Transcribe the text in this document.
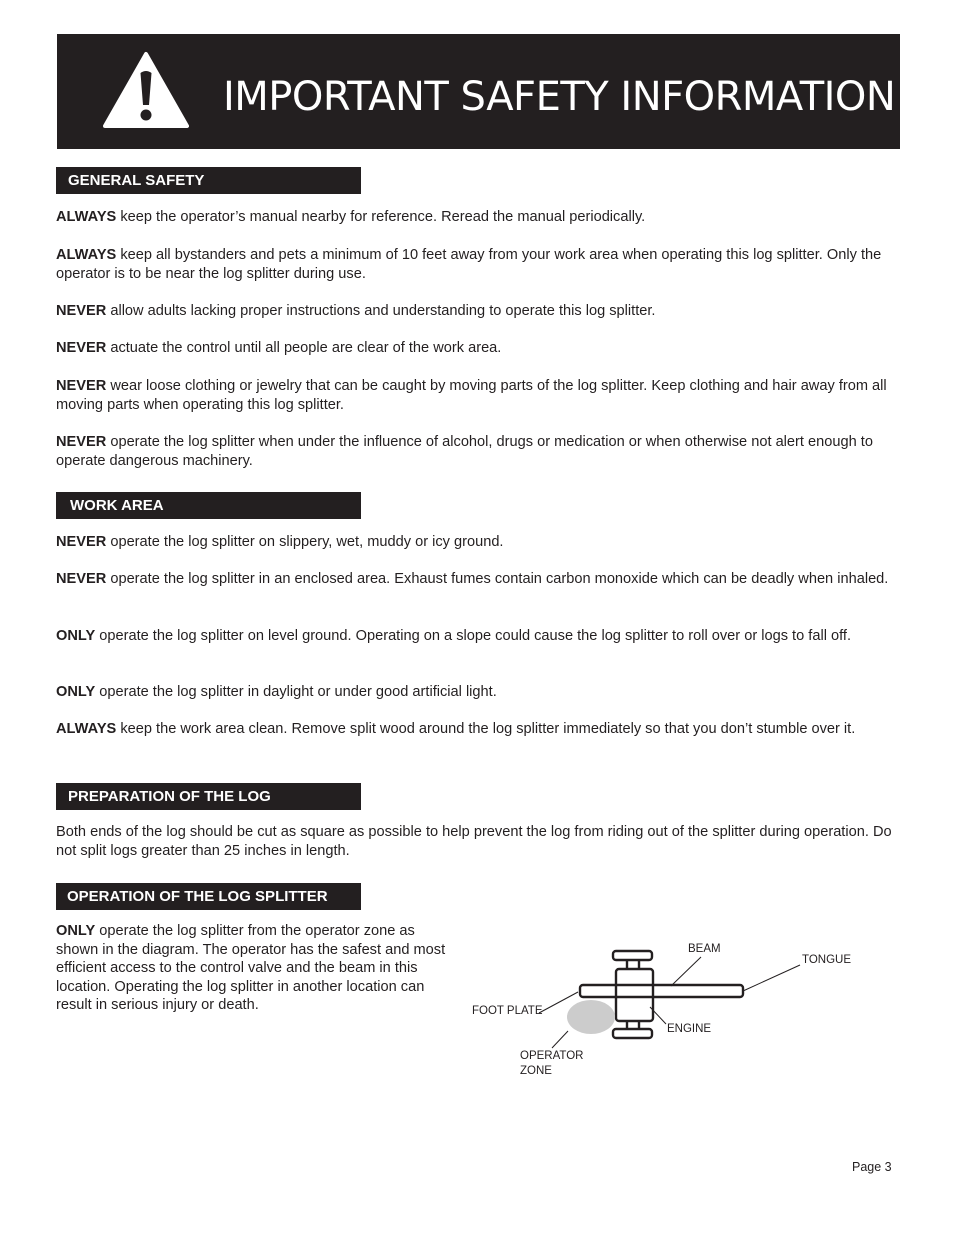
IMPORTANT SAFETY INFORMATION
GENERAL SAFETY

ALWAYS keep the operator’s manual nearby for reference. Reread the manual periodically.

ALWAYS keep all bystanders and pets a minimum of 10 feet away from your work area when operating this log splitter. Only the operator is to be near the log splitter during use.

NEVER allow adults lacking proper instructions and understanding to operate this log splitter.

NEVER actuate the control until all people are clear of the work area.

NEVER wear loose clothing or jewelry that can be caught by moving parts of the log splitter. Keep clothing and hair away from all moving parts when operating this log splitter.

NEVER operate the log splitter when under the influence of alcohol, drugs or medication or when otherwise not alert enough to operate dangerous machinery.

WORK AREA

NEVER operate the log splitter on slippery, wet, muddy or icy ground.

NEVER operate the log splitter in an enclosed area. Exhaust fumes contain carbon monoxide which can be deadly when inhaled.

ONLY operate the log splitter on level ground. Operating on a slope could cause the log splitter to roll over or logs to fall off.

ONLY operate the log splitter in daylight or under good artificial light.

ALWAYS keep the work area clean. Remove split wood around the log splitter immediately so that you don’t stumble over it.

PREPARATION OF THE LOG

Both ends of the log should be cut as square as possible to help prevent the log from riding out of the splitter during operation. Do not split logs greater than 25 inches in length.

OPERATION OF THE LOG SPLITTER

ONLY operate the log splitter from the operator zone as shown in the diagram. The operator has the safest and most efficient access to the control valve and the beam in this location. Operating the log splitter in another location can result in serious injury or death.

BEAM
TONGUE
FOOT PLATE
ENGINE
OPERATOR
ZONE
Page 3
